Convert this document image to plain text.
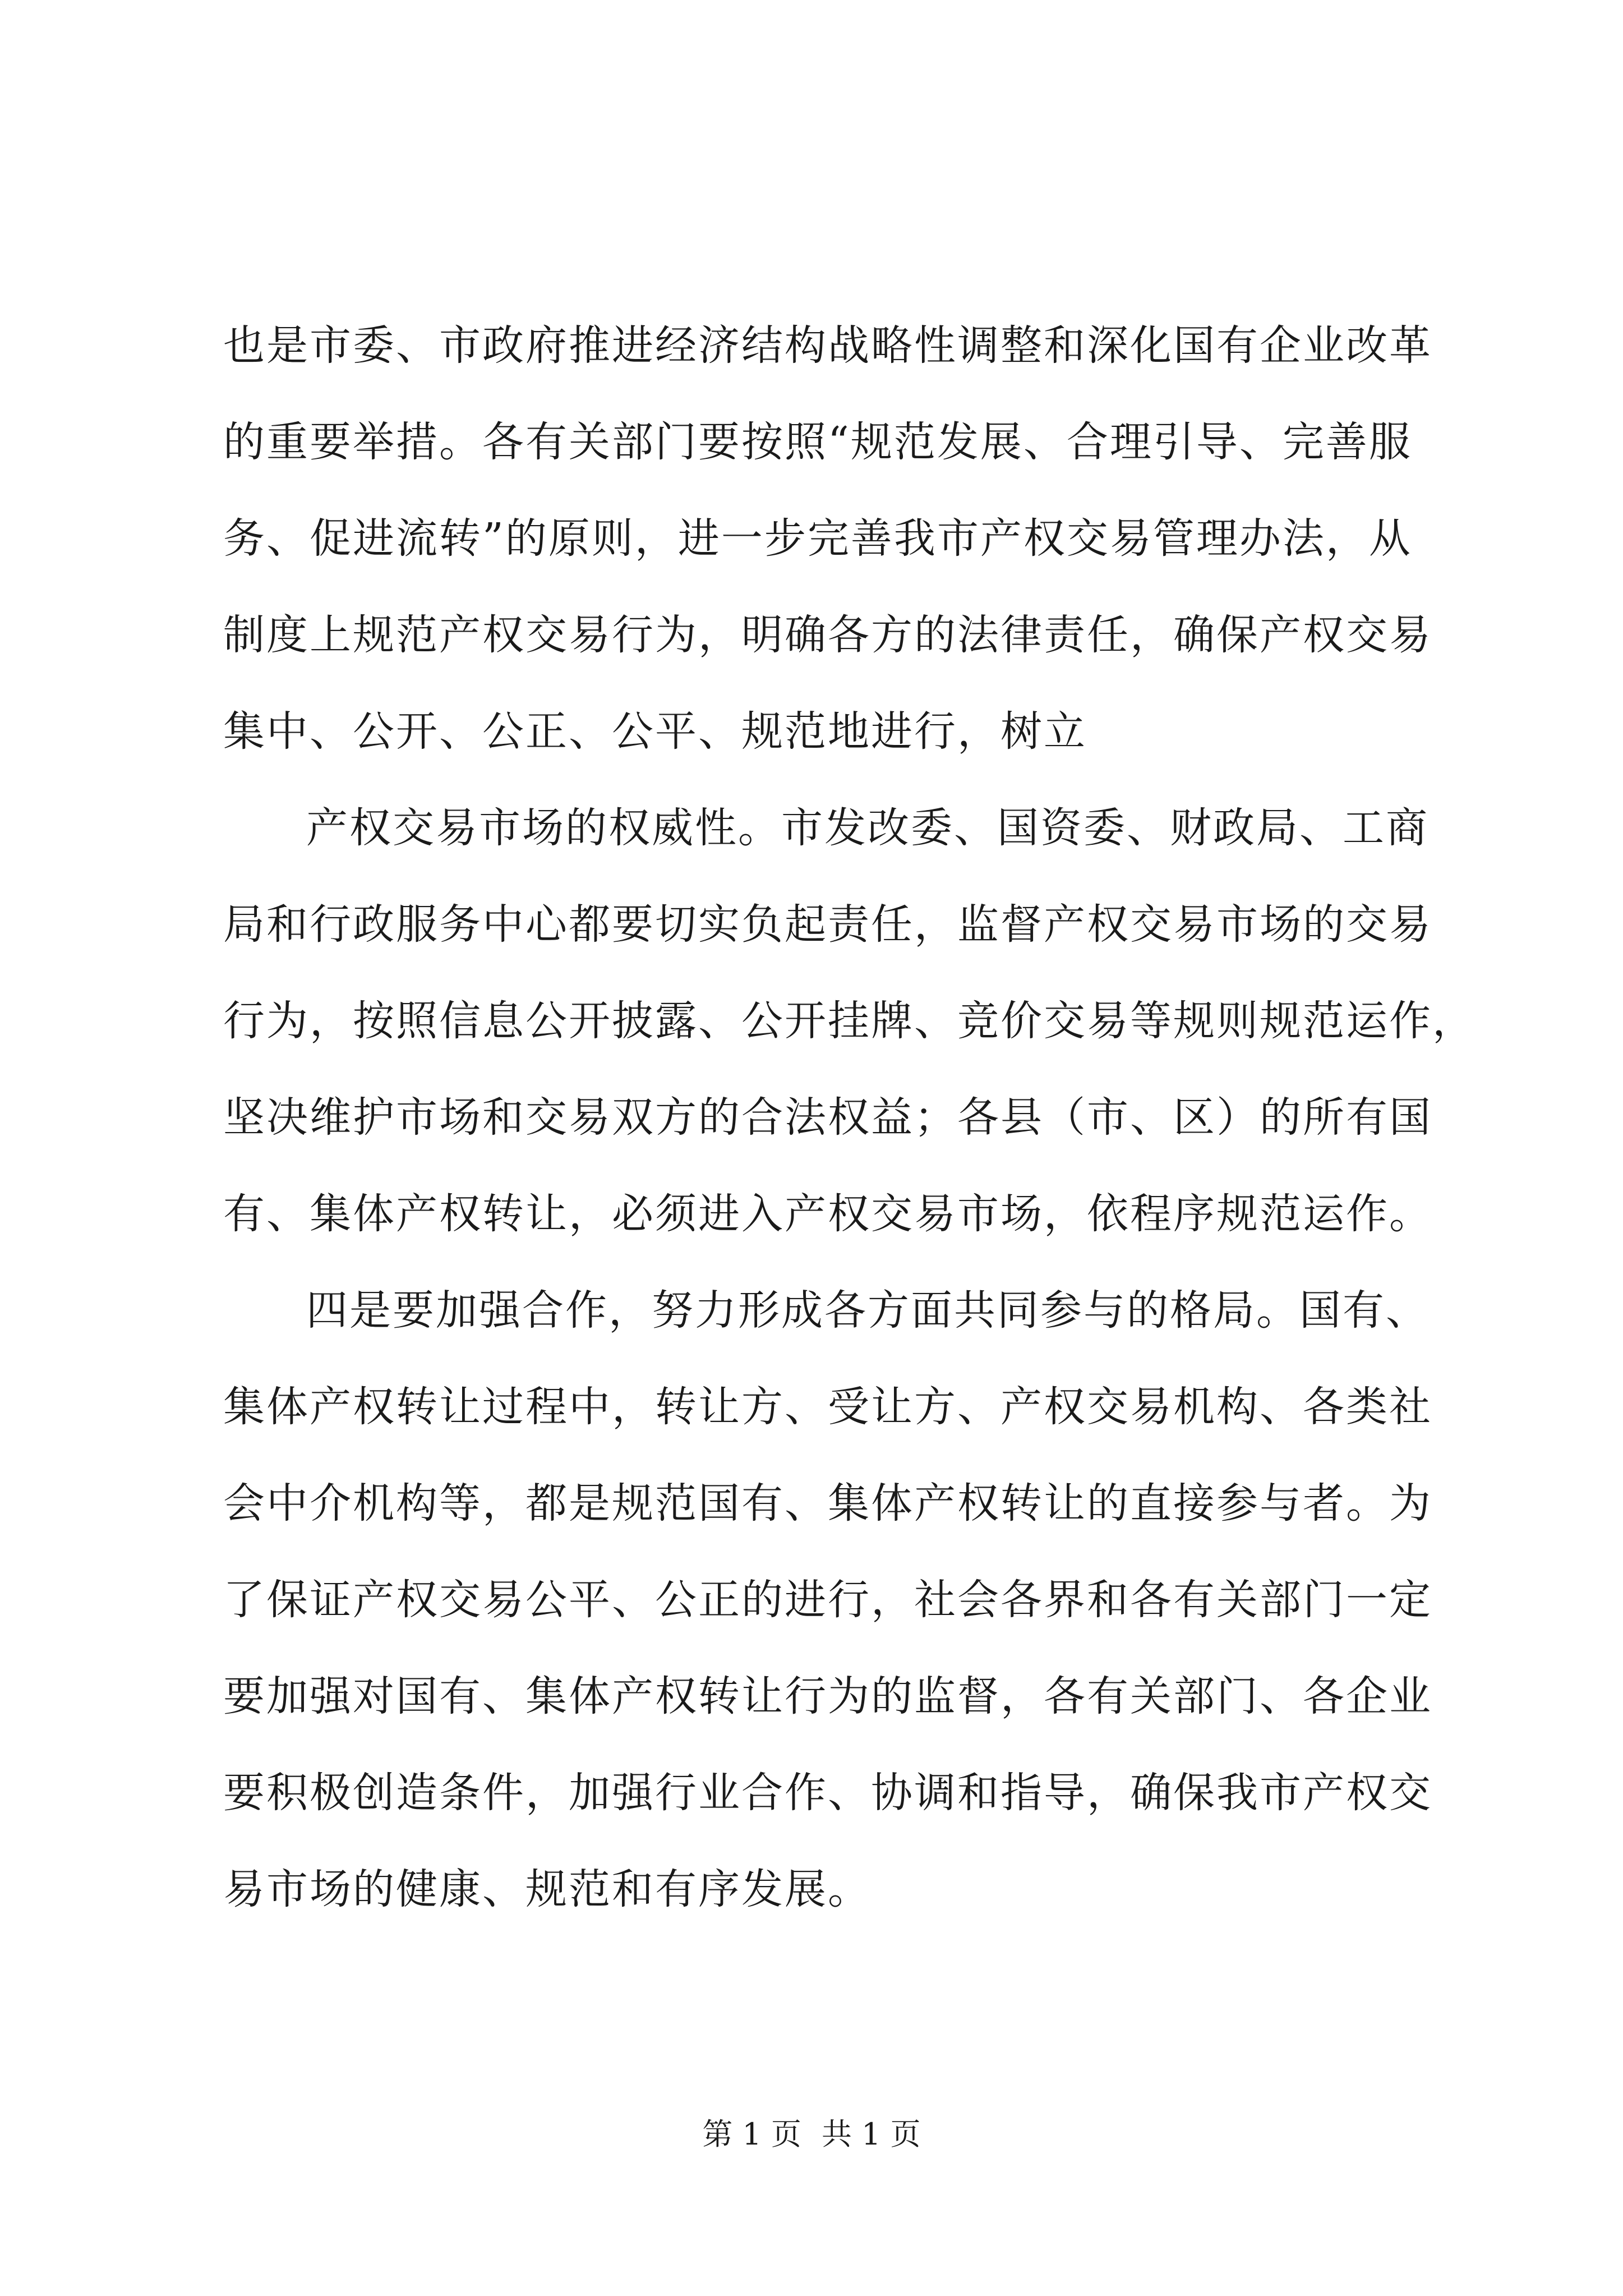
也是市委、市政府推进经济结构战略性调整和深化国有企业改革
的重要举措。各有关部门要按照“规范发展、合理引导、完善服
务、促进流转”的原则，进一步完善我市产权交易管理办法，从
制度上规范产权交易行为，明确各方的法律责任，确保产权交易
集中、公开、公正、公平、规范地进行，树立
产权交易市场的权威性。市发改委、国资委、财政局、工商
局和行政服务中心都要切实负起责任，监督产权交易市场的交易
行为，按照信息公开披露、公开挂牌、竞价交易等规则规范运作，
坚决维护市场和交易双方的合法权益；各县（市、区）的所有国
有、集体产权转让，必须进入产权交易市场，依程序规范运作。
四是要加强合作，努力形成各方面共同参与的格局。国有、
集体产权转让过程中，转让方、受让方、产权交易机构、各类社
会中介机构等，都是规范国有、集体产权转让的直接参与者。为
了保证产权交易公平、公正的进行，社会各界和各有关部门一定
要加强对国有、集体产权转让行为的监督，各有关部门、各企业
要积极创造条件，加强行业合作、协调和指导，确保我市产权交
易市场的健康、规范和有序发展。
第 1 页 共 1 页
